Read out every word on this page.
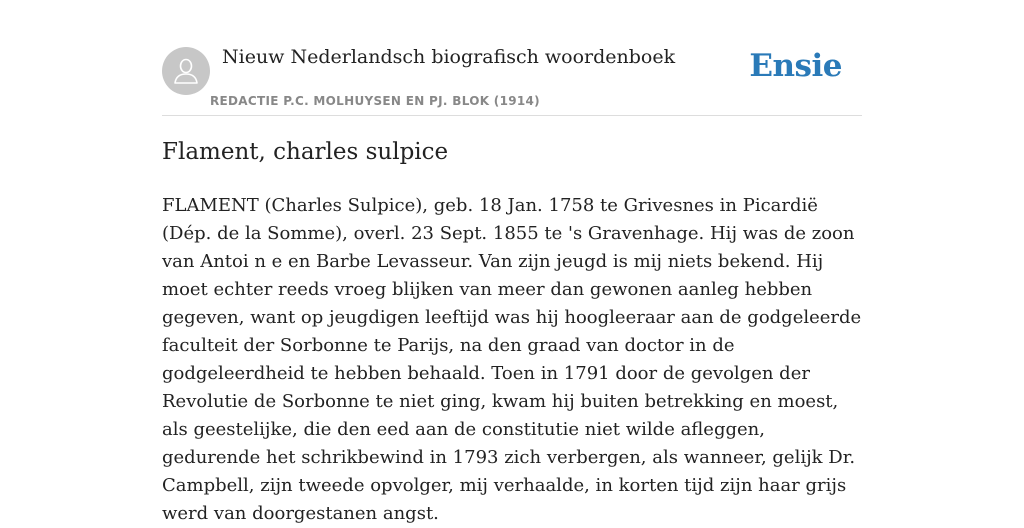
Nieuw Nederlandsch biografisch woordenboek
REDACTIE P.C. MOLHUYSEN EN PJ. BLOK (1914)
Ensie
Flament, charles sulpice

FLAMENT (Charles Sulpice), geb. 18 Jan. 1758 te Grivesnes in Picardië (Dép. de la Somme), overl. 23 Sept. 1855 te 's Gravenhage. Hij was de zoon van Antoi n e en Barbe Levasseur. Van zijn jeugd is mij niets bekend. Hij moet echter reeds vroeg blijken van meer dan gewonen aanleg hebben gegeven, want op jeugdigen leeftijd was hij hoogleeraar aan de godgeleerde faculteit der Sorbonne te Parijs, na den graad van doctor in de godgeleerdheid te hebben behaald. Toen in 1791 door de gevolgen der Revolutie de Sorbonne te niet ging, kwam hij buiten betrekking en moest, als geestelijke, die den eed aan de constitutie niet wilde afleggen, gedurende het schrikbewind in 1793 zich verbergen, als wanneer, gelijk Dr. Campbell, zijn tweede opvolger, mij verhaalde, in korten tijd zijn haar grijs werd van doorgestanen angst.
